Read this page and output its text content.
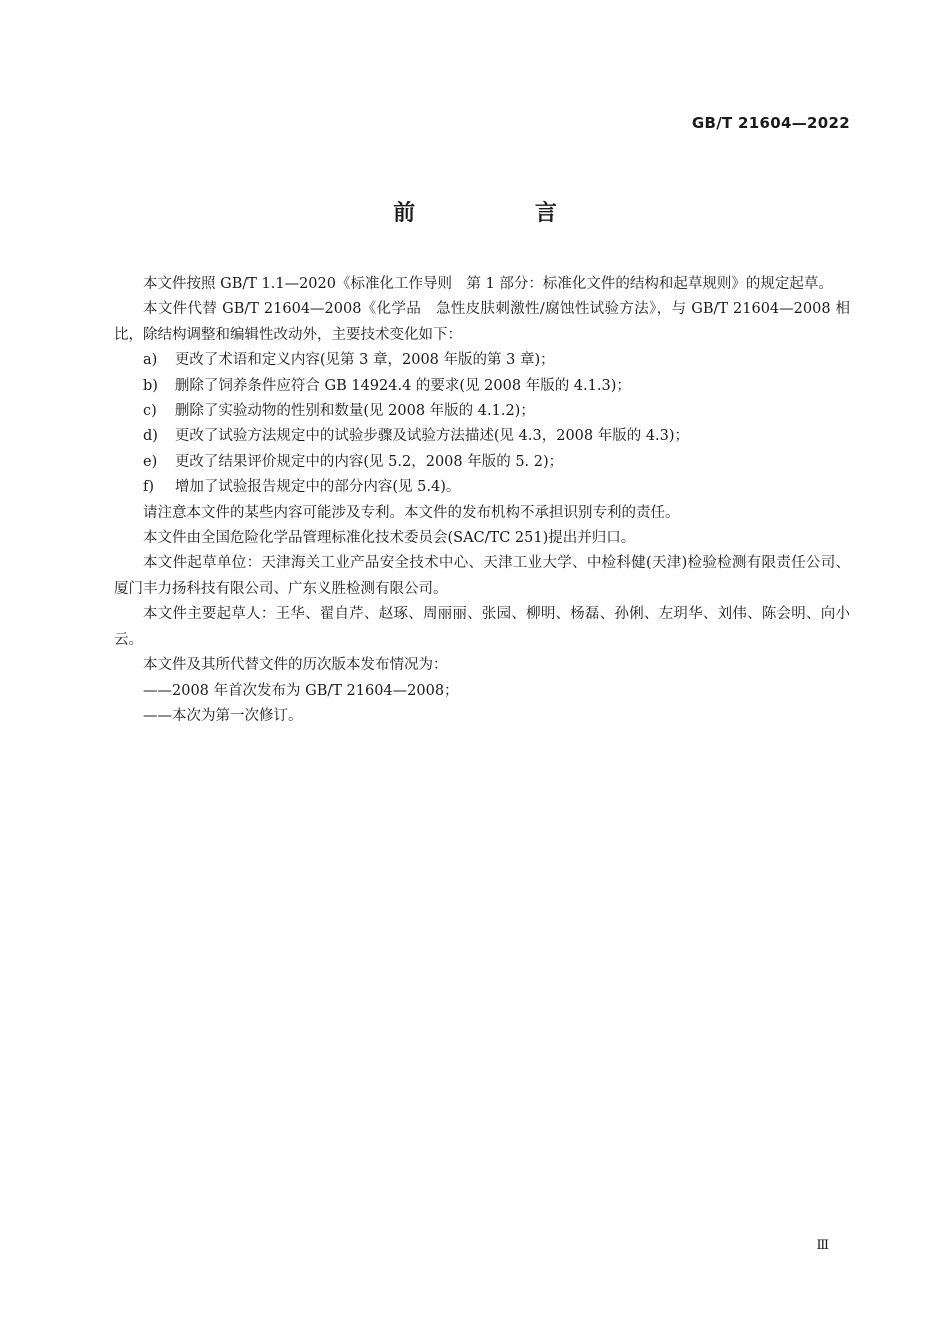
GB/T 21604—2022
前 言

本文件按照 GB/T 1.1—2020《标准化工作导则　第 1 部分：标准化文件的结构和起草规则》的规定起草。

本文件代替 GB/T 21604—2008《化学品　急性皮肤刺激性/腐蚀性试验方法》，与 GB/T 21604—2008 相比，除结构调整和编辑性改动外，主要技术变化如下：

a) 更改了术语和定义内容(见第 3 章，2008 年版的第 3 章)；

b) 删除了饲养条件应符合 GB 14924.4 的要求(见 2008 年版的 4.1.3)；

c) 删除了实验动物的性别和数量(见 2008 年版的 4.1.2)；

d) 更改了试验方法规定中的试验步骤及试验方法描述(见 4.3，2008 年版的 4.3)；

e) 更改了结果评价规定中的内容(见 5.2，2008 年版的 5. 2)；

f) 增加了试验报告规定中的部分内容(见 5.4)。

请注意本文件的某些内容可能涉及专利。本文件的发布机构不承担识别专利的责任。

本文件由全国危险化学品管理标准化技术委员会(SAC/TC 251)提出并归口。

本文件起草单位：天津海关工业产品安全技术中心、天津工业大学、中检科健(天津)检验检测有限责任公司、厦门丰力扬科技有限公司、广东义胜检测有限公司。

本文件主要起草人：王华、翟自芹、赵琢、周丽丽、张园、柳明、杨磊、孙俐、左玥华、刘伟、陈会明、向小云。

本文件及其所代替文件的历次版本发布情况为：

——2008 年首次发布为 GB/T 21604—2008；

——本次为第一次修订。

Ⅲ
